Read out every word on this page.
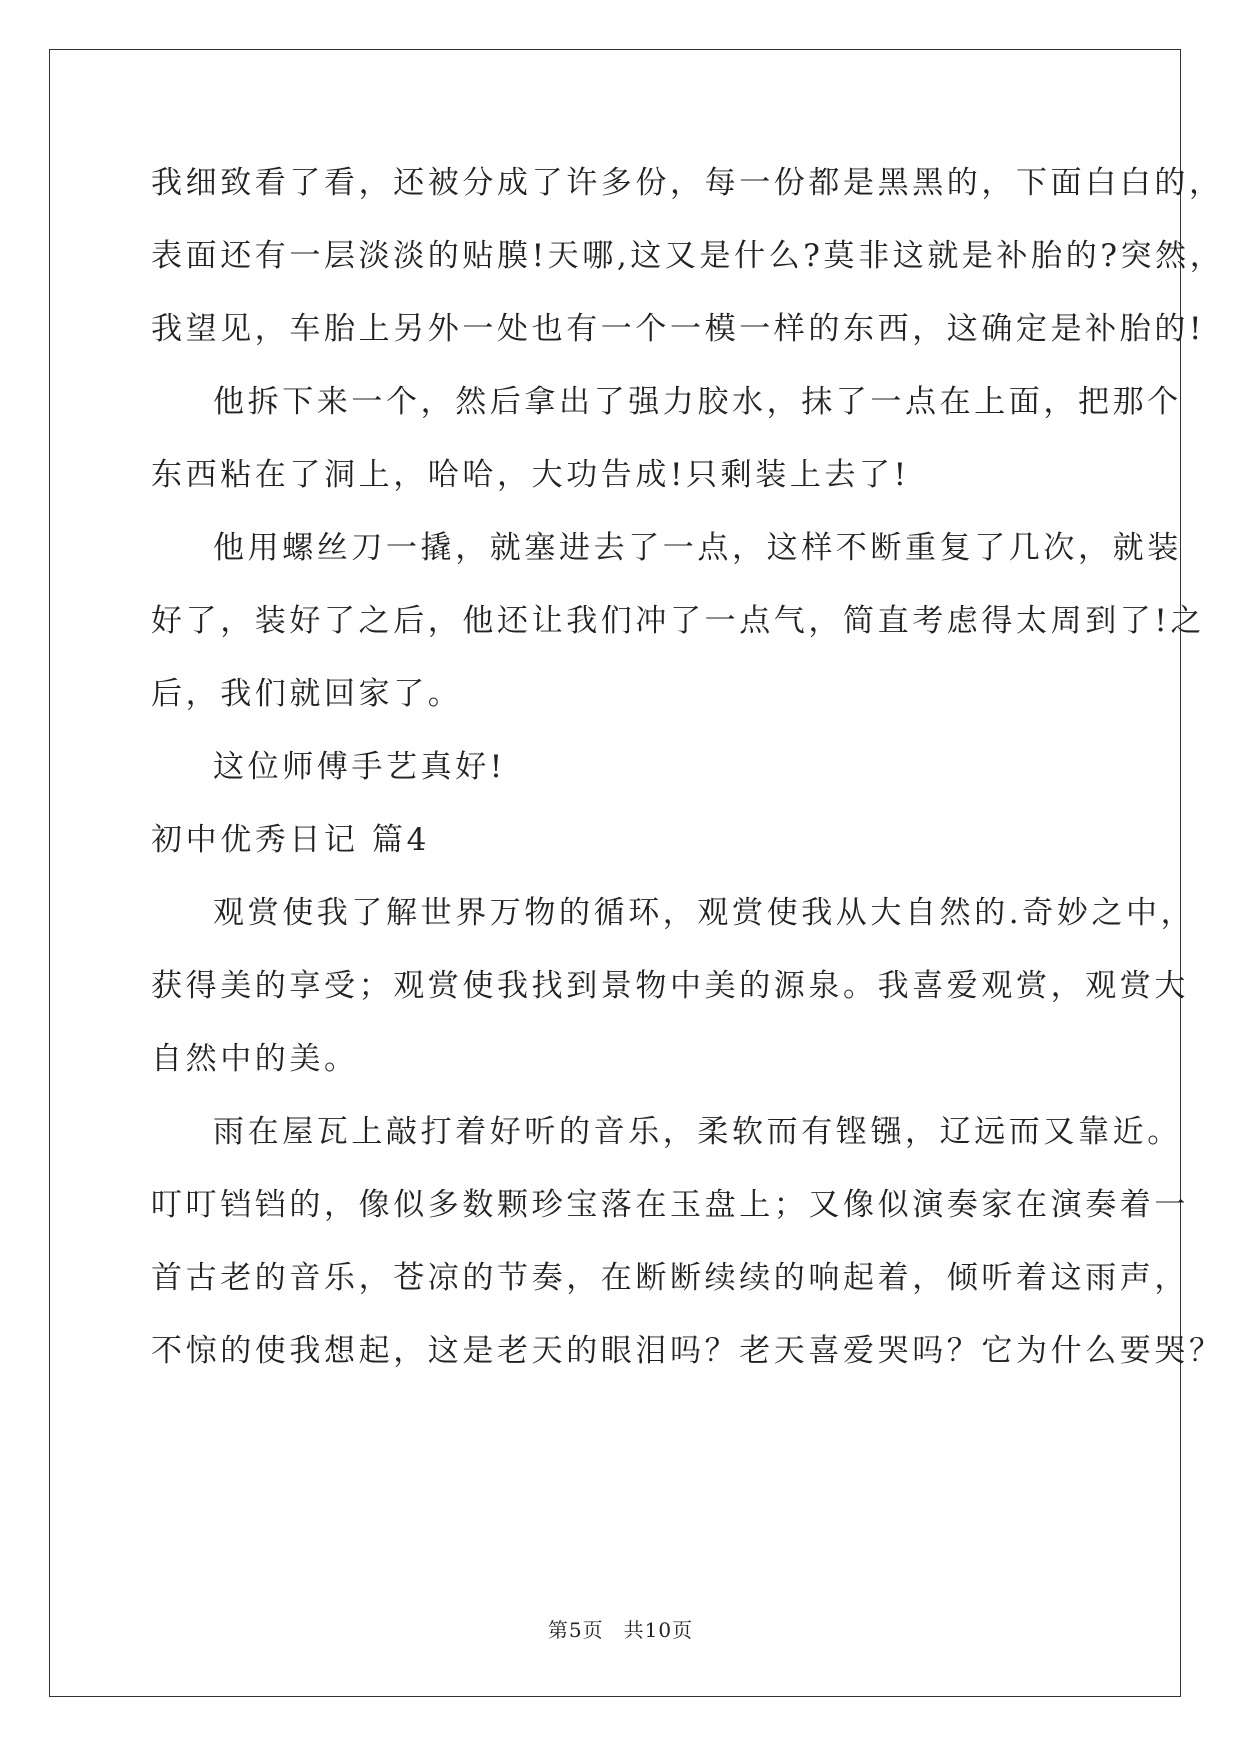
我细致看了看，还被分成了许多份，每一份都是黑黑的，下面白白的，
表面还有一层淡淡的贴膜!天哪,这又是什么?莫非这就是补胎的?突然，
我望见，车胎上另外一处也有一个一模一样的东西，这确定是补胎的!
他拆下来一个，然后拿出了强力胶水，抹了一点在上面，把那个
东西粘在了洞上，哈哈，大功告成!只剩装上去了!
他用螺丝刀一撬，就塞进去了一点，这样不断重复了几次，就装
好了，装好了之后，他还让我们冲了一点气，简直考虑得太周到了!之
后，我们就回家了。
这位师傅手艺真好!
初中优秀日记 篇4
观赏使我了解世界万物的循环，观赏使我从大自然的.奇妙之中，
获得美的享受；观赏使我找到景物中美的源泉。我喜爱观赏，观赏大
自然中的美。
雨在屋瓦上敲打着好听的音乐，柔软而有铿镪，辽远而又靠近。
叮叮铛铛的，像似多数颗珍宝落在玉盘上；又像似演奏家在演奏着一
首古老的音乐，苍凉的节奏，在断断续续的响起着，倾听着这雨声，
不惊的使我想起，这是老天的眼泪吗？老天喜爱哭吗？它为什么要哭？
第5页 共10页
